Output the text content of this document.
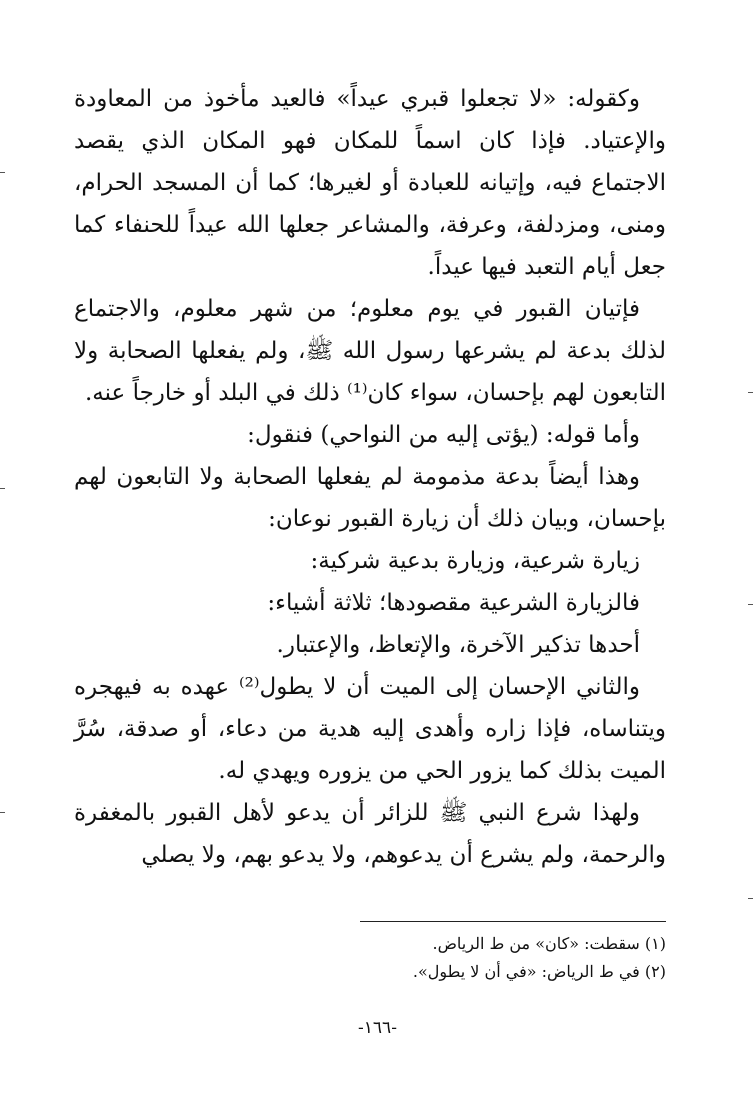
وكقوله: «لا تجعلوا قبري عيداً» فالعيد مأخوذ من المعاودة والإعتياد. فإذا كان اسماً للمكان فهو المكان الذي يقصد الاجتماع فيه، وإتيانه للعبادة أو لغيرها؛ كما أن المسجد الحرام، ومنى، ومزدلفة، وعرفة، والمشاعر جعلها الله عيداً للحنفاء كما جعل أيام التعبد فيها عيداً.

فإتيان القبور في يوم معلوم؛ من شهر معلوم، والاجتماع لذلك بدعة لم يشرعها رسول الله ﷺ، ولم يفعلها الصحابة ولا التابعون لهم بإحسان، سواء كان⁽¹⁾ ذلك في البلد أو خارجاً عنه.

وأما قوله: (يؤتى إليه من النواحي) فنقول:

وهذا أيضاً بدعة مذمومة لم يفعلها الصحابة ولا التابعون لهم بإحسان، وبيان ذلك أن زيارة القبور نوعان:

زيارة شرعية، وزيارة بدعية شركية:

فالزيارة الشرعية مقصودها؛ ثلاثة أشياء:

أحدها تذكير الآخرة، والإتعاظ، والإعتبار.

والثاني الإحسان إلى الميت أن لا يطول⁽²⁾ عهده به فيهجره ويتناساه، فإذا زاره وأهدى إليه هدية من دعاء، أو صدقة، سُرَّ الميت بذلك كما يزور الحي من يزوره ويهدي له.

ولهذا شرع النبي ﷺ للزائر أن يدعو لأهل القبور بالمغفرة والرحمة، ولم يشرع أن يدعوهم، ولا يدعو بهم، ولا يصلي

(١) سقطت: «كان» من ط الرياض.
(٢) في ط الرياض: «في أن لا يطول».
-١٦٦-
